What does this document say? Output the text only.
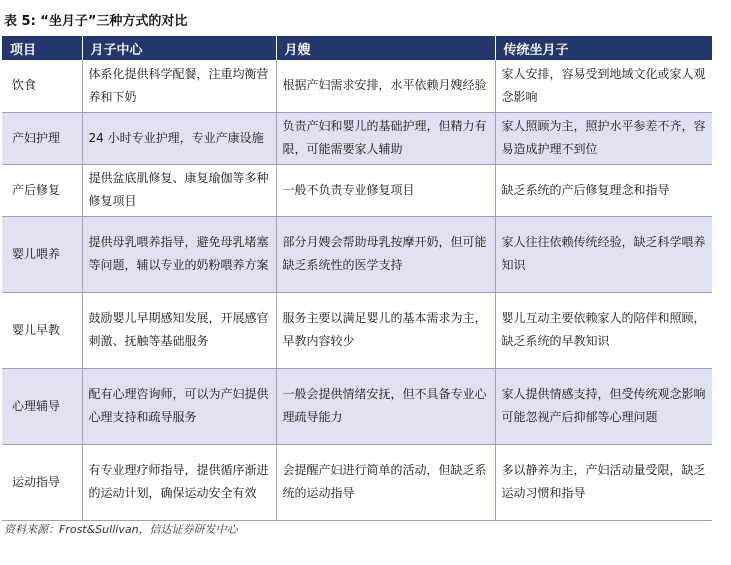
表 5: “坐月子”三种方式的对比
项目	月子中心	月嫂	传统坐月子
饮食	体系化提供科学配餐，注重均衡营养和下奶	根据产妇需求安排，水平依赖月嫂经验	家人安排，容易受到地域文化或家人观念影响
产妇护理	24 小时专业护理，专业产康设施	负责产妇和婴儿的基础护理，但精力有限，可能需要家人辅助	家人照顾为主，照护水平参差不齐，容易造成护理不到位
产后修复	提供盆底肌修复、康复瑜伽等多种修复项目	一般不负责专业修复项目	缺乏系统的产后修复理念和指导
婴儿喂养	提供母乳喂养指导，避免母乳堵塞等问题，辅以专业的奶粉喂养方案	部分月嫂会帮助母乳按摩开奶，但可能缺乏系统性的医学支持	家人往往依赖传统经验，缺乏科学喂养知识
婴儿早教	鼓励婴儿早期感知发展，开展感官刺激、抚触等基础服务	服务主要以满足婴儿的基本需求为主，早教内容较少	婴儿互动主要依赖家人的陪伴和照顾，缺乏系统的早教知识
心理辅导	配有心理咨询师，可以为产妇提供心理支持和疏导服务	一般会提供情绪安抚，但不具备专业心理疏导能力	家人提供情感支持，但受传统观念影响可能忽视产后抑郁等心理问题
运动指导	有专业理疗师指导，提供循序渐进的运动计划，确保运动安全有效	会提醒产妇进行简单的活动，但缺乏系统的运动指导	多以静养为主，产妇活动量受限，缺乏运动习惯和指导
资料来源：Frost&Sullivan，信达证券研发中心
